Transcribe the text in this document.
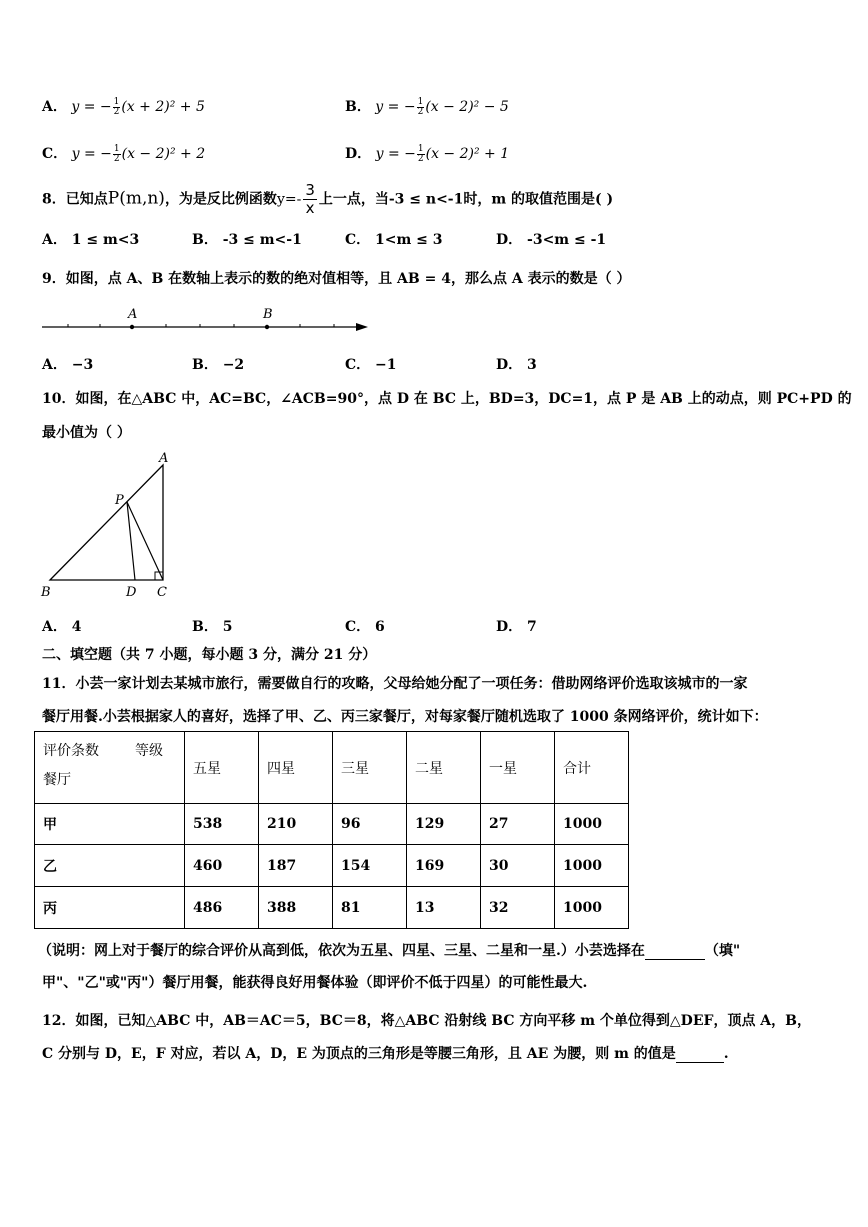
A． y = − $\frac{1}{2} (x + 2)^2 + 5$	B． y = − $\frac{1}{2} (x - 2)^2 - 5$
C． y = − $\frac{1}{2} (x - 2)^2 + 2$	D． y = − $\frac{1}{2} (x - 2)^2 + 1$
8．已知点P(m,n)，为是反比例函数$y=- \frac{3}{x}$ 上一点，当-3 ≤ n<-1时，m 的取值范围是( )
A． 1 ≤ m<3	B． -3 ≤ m<-1	C． 1<m ≤ 3	D． -3<m ≤ -1
9．如图，点 A、B 在数轴上表示的数的绝对值相等，且 AB = 4，那么点 A 表示的数是（ ）
A	B
A． −3	B． −2	C． −1	D． 3
10．如图，在△ABC 中，AC=BC，∠ACB=90°，点 D 在 BC 上，BD=3，DC=1，点 P 是 AB 上的动点，则 PC+PD 的
最小值为（ ）
A
P
B	D C
A． 4	B． 5	C． 6	D． 7
二、填空题（共 7 小题，每小题 3 分，满分 21 分）
11．小芸一家计划去某城市旅行，需要做自行的攻略，父母给她分配了一项任务：借助网络评价选取该城市的一家
餐厅用餐.小芸根据家人的喜好，选择了甲、乙、丙三家餐厅，对每家餐厅随机选取了 1000 条网络评价，统计如下：
评价条数 等级
餐厅	五星	四星	三星	二星	一星	合计
甲	538	210	96	129	27	1000
乙	460	187	154	169	30	1000
丙	486	388	81	13	32	1000
（说明：网上对于餐厅的综合评价从高到低，依次为五星、四星、三星、二星和一星.）小芸选择在	（填"
甲"、"乙"或"丙"）餐厅用餐，能获得良好用餐体验（即评价不低于四星）的可能性最大.
12．如图，已知△ABC 中，AB＝AC＝5，BC＝8，将△ABC 沿射线 BC 方向平移 m 个单位得到△DEF，顶点 A，B，
C 分别与 D，E，F 对应，若以 A，D，E 为顶点的三角形是等腰三角形，且 AE 为腰，则 m 的值是	.
